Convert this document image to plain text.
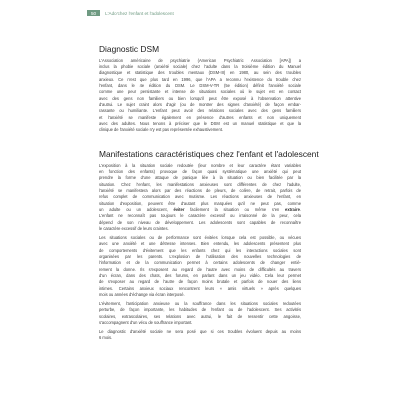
50	L'Ado'chez l'enfant et l'adolescent
Diagnostic DSM
L'Association américaine de psychiatrie (American Psychiatric Association [APA]) a
inclus la phobie sociale (anxiété sociale) chez l'adulte dans la troisième édition du Manuel
diagnostique et statistique des troubles mentaux (DSM-III) en 1980, au sein des troubles
anxieux. Ce n'est que plus tard en 1996, que l'APA a reconnu l'existence du trouble chez
l'enfant, dans le 4e édition du DSM. Le DSM-V-TR (5e édition) définit l'anxiété sociale
comme une peur persistante et intense de situations sociales où le sujet est en contact
avec des gens non familiers ou bien lorsqu'il peut être exposé à l'observation attentive
d'autrui. Le sujet craint alors d'agir (ou de montrer des signes d'anxiété) de façon embar-
rassante ou humiliante. L'enfant peut avoir des relations sociales avec des gens familiers
et l'anxiété se manifeste également en présence d'autres enfants et non uniquement
avec des adultes. Nous tenons à préciser que le DSM est un manuel statistique et que la
clinique de l'anxiété sociale n'y est pas représentée exhaustivement.
Manifestations caractéristiques chez l'enfant et l'adolescent
L'exposition à la situation sociale redoutée (leur nombre et leur caractère étant variables
en fonction des enfants) provoque de façon quasi systématique une anxiété qui peut
prendre la forme d'une attaque de panique liée à la situation ou bien facilitée par la
situation. Chez l'enfant, les manifestations anxieuses sont différentes de chez l'adulte,
l'anxiété se manifestera alors par des réactions de pleurs, de colère, de retrait, parfois de
refus complet de communication avec mutisme. Les réactions anxieuses de l'enfant, en
situation d'exposition, peuvent être d'autant plus marquées qu'il ne peut pas, comme
un adulte ou un adolescent, éviter facilement la situation ou même s'en extraire.
L'enfant ne reconnaît pas toujours le caractère excessif ou irraisonné de la peur, cela
dépend de son niveau de développement. Les adolescents sont capables de reconnaître
le caractère excessif de leurs craintes.
Les situations sociales ou de performance sont évitées lorsque cela est possible, ou vécues
avec une anxiété et une détresse intenses. Bien entendu, les adolescents présentent plus
de comportements d'évitement que les enfants chez qui les interactions sociales sont
organisées par les parents. L'explosion de l'utilisation des nouvelles technologies de
l'information et de la communication permet à certains adolescents de changer entiè-
rement la donne. Ils s'exposent au regard de l'autre avec moins de difficultés au travers
d'un écran, dans des chats, des forums, en parlant dans un jeu vidéo. Cela leur permet
de s'exposer au regard de l'autre de façon moins brutale et parfois de nouer des liens
intimes. Certains anxieux sociaux rencontrent leurs « amis virtuels » après quelques
mois ou années d'échange via écran interposé.
L'évitement, l'anticipation anxieuse ou la souffrance dans les situations sociales redoutées
perturbe, de façon importante, les habitudes de l'enfant ou de l'adolescent. Ses activités
scolaires, extrascolaires, ses relations avec autrui, le fait de ressentir cette angoisse,
s'accompagnent d'un vécu de souffrance important.
Le diagnostic d'anxiété sociale ne sera posé que si ces troubles évoluent depuis au moins
6 mois.
